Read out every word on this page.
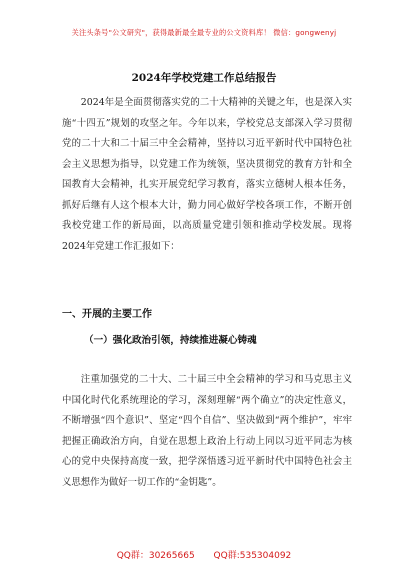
关注头条号"公文研究"，获得最新最全最专业的公文资料库！ 微信：gongwenyj
2024年学校党建工作总结报告

2024年是全面贯彻落实党的二十大精神的关键之年，也是深入实施“十四五”规划的攻坚之年。今年以来，学校党总支部深入学习贯彻党的二十大和二十届三中全会精神，坚持以习近平新时代中国特色社会主义思想为指导，以党建工作为统领，坚决贯彻党的教育方针和全国教育大会精神，扎实开展党纪学习教育，落实立德树人根本任务，抓好后继有人这个根本大计，勤力同心做好学校各项工作，不断开创我校党建工作的新局面，以高质量党建引领和推动学校发展。现将2024年党建工作汇报如下：

一、开展的主要工作
（一）强化政治引领，持续推进凝心铸魂

注重加强党的二十大、二十届三中全会精神的学习和马克思主义中国化时代化系统理论的学习，深刻理解“两个确立”的决定性意义，不断增强“四个意识”、坚定“四个自信”、坚决做到“两个维护”，牢牢把握正确政治方向，自觉在思想上政治上行动上同以习近平同志为核心的党中央保持高度一致，把学深悟透习近平新时代中国特色社会主义思想作为做好一切工作的“金钥匙”。

QQ群：30265665 QQ群:535304092
